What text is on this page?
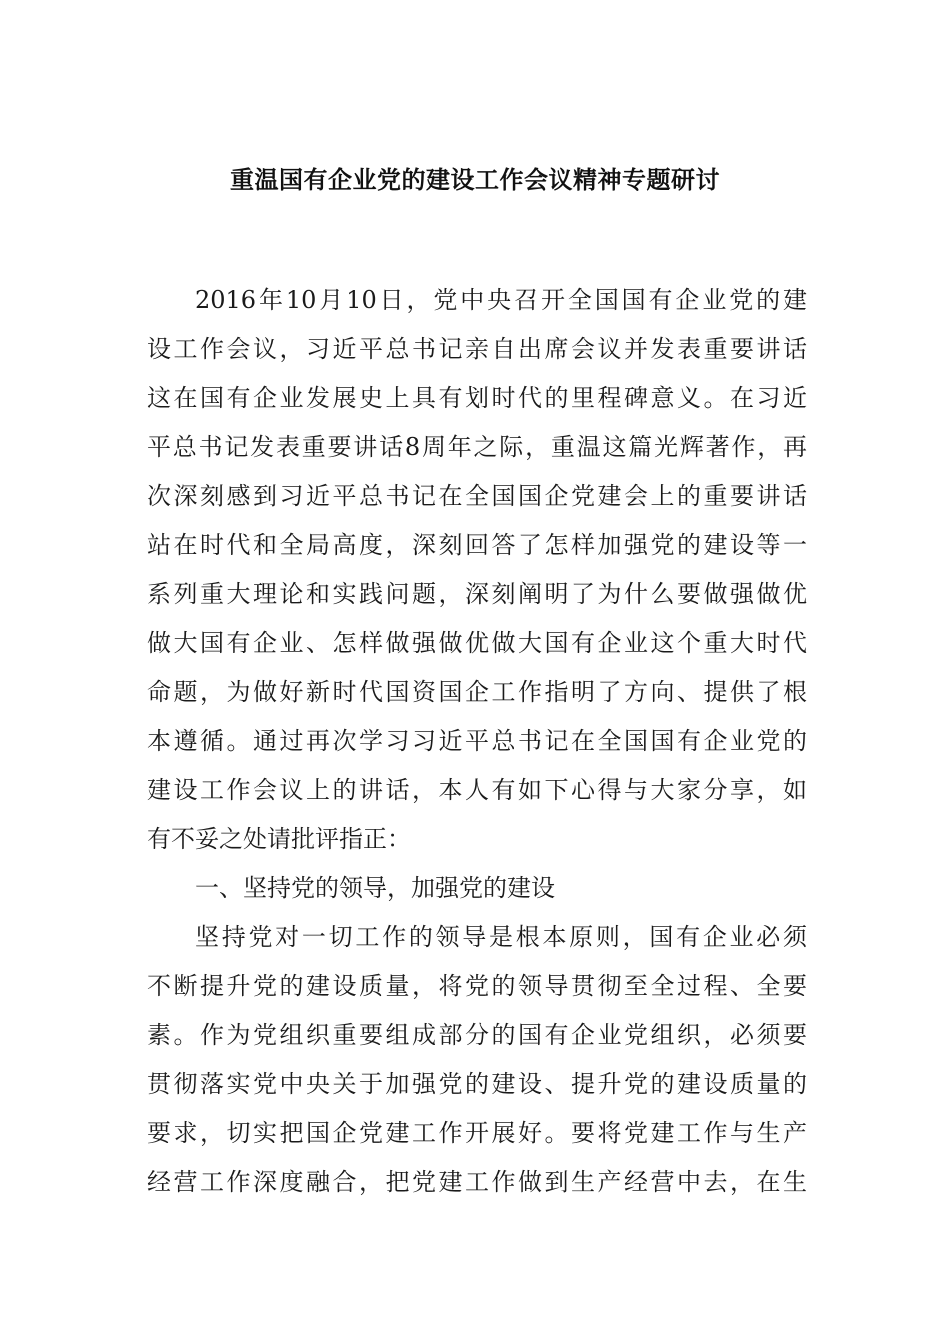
重温国有企业党的建设工作会议精神专题研讨
2016年10月10日，党中央召开全国国有企业党的建
设工作会议，习近平总书记亲自出席会议并发表重要讲话
这在国有企业发展史上具有划时代的里程碑意义。在习近
平总书记发表重要讲话8周年之际，重温这篇光辉著作，再
次深刻感到习近平总书记在全国国企党建会上的重要讲话
站在时代和全局高度，深刻回答了怎样加强党的建设等一
系列重大理论和实践问题，深刻阐明了为什么要做强做优
做大国有企业、怎样做强做优做大国有企业这个重大时代
命题，为做好新时代国资国企工作指明了方向、提供了根
本遵循。通过再次学习习近平总书记在全国国有企业党的
建设工作会议上的讲话，本人有如下心得与大家分享，如
有不妥之处请批评指正：
一、坚持党的领导，加强党的建设
坚持党对一切工作的领导是根本原则，国有企业必须
不断提升党的建设质量，将党的领导贯彻至全过程、全要
素。作为党组织重要组成部分的国有企业党组织，必须要
贯彻落实党中央关于加强党的建设、提升党的建设质量的
要求，切实把国企党建工作开展好。要将党建工作与生产
经营工作深度融合，把党建工作做到生产经营中去，在生
